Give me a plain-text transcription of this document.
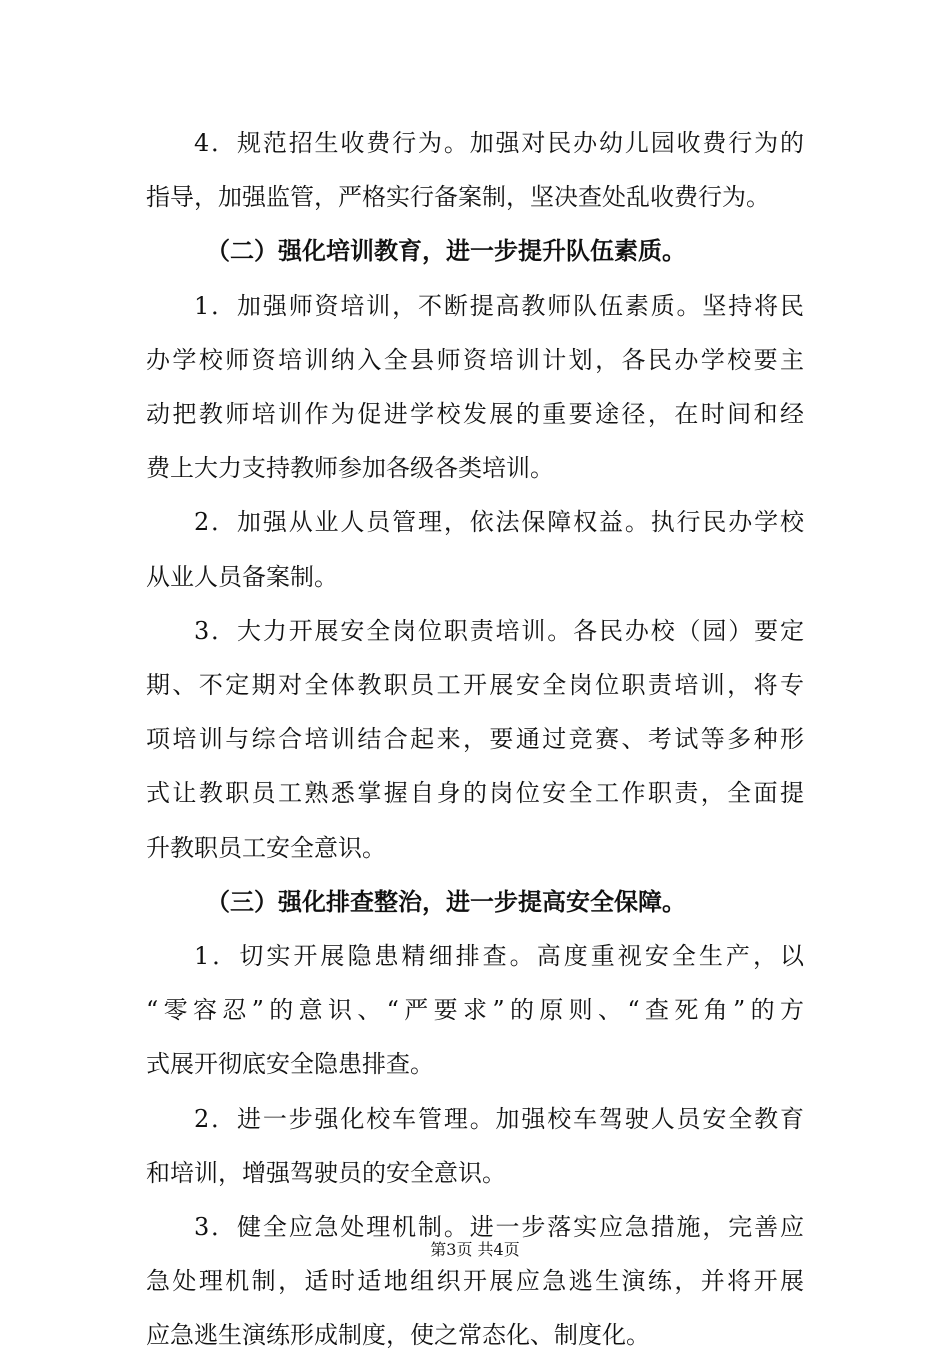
4．规范招生收费行为。加强对民办幼儿园收费行为的
指导，加强监管，严格实行备案制，坚决查处乱收费行为。
（二）强化培训教育，进一步提升队伍素质。
1．加强师资培训，不断提高教师队伍素质。坚持将民
办学校师资培训纳入全县师资培训计划，各民办学校要主
动把教师培训作为促进学校发展的重要途径，在时间和经
费上大力支持教师参加各级各类培训。
2．加强从业人员管理，依法保障权益。执行民办学校
从业人员备案制。
3．大力开展安全岗位职责培训。各民办校（园）要定
期、不定期对全体教职员工开展安全岗位职责培训，将专
项培训与综合培训结合起来，要通过竞赛、考试等多种形
式让教职员工熟悉掌握自身的岗位安全工作职责，全面提
升教职员工安全意识。
（三）强化排查整治，进一步提高安全保障。
1．切实开展隐患精细排查。高度重视安全生产，以
“零容忍”的意识、“严要求”的原则、“查死角”的方
式展开彻底安全隐患排查。
2．进一步强化校车管理。加强校车驾驶人员安全教育
和培训，增强驾驶员的安全意识。
3．健全应急处理机制。进一步落实应急措施，完善应
急处理机制，适时适地组织开展应急逃生演练，并将开展
应急逃生演练形成制度，使之常态化、制度化。
第3页 共4页
